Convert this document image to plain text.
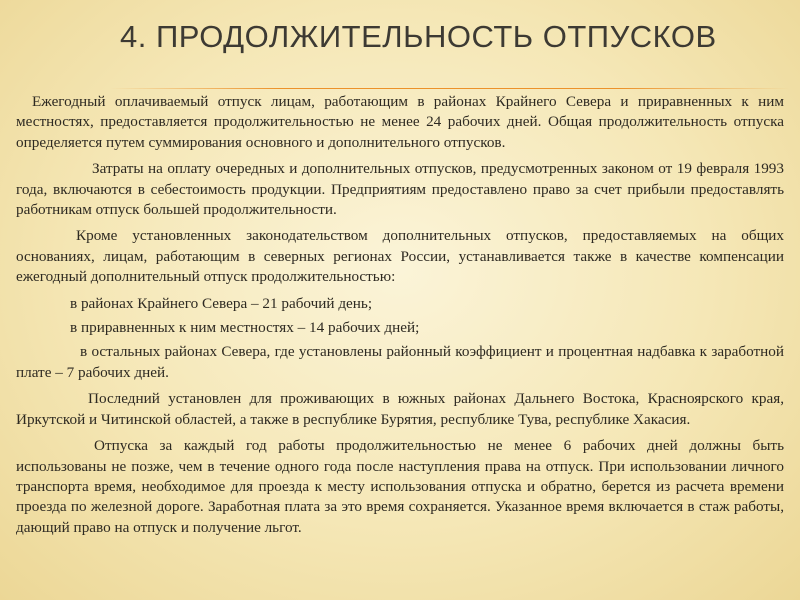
4. ПРОДОЛЖИТЕЛЬНОСТЬ ОТПУСКОВ

Ежегодный оплачиваемый отпуск лицам, работающим в районах Крайнего Севера и приравненных к ним местностях, предоставляется продолжительностью не менее 24 рабочих дней. Общая продолжительность отпуска определяется путем суммирования основного и дополнительного отпусков.

Затраты на оплату очередных и дополнительных отпусков, предусмотренных законом от 19 февраля 1993 года, включаются в себестоимость продукции. Предприятиям предоставлено право за счет прибыли предоставлять работникам отпуск большей продолжительности.

Кроме установленных законодательством дополнительных отпусков, предоставляемых на общих основаниях, лицам, работающим в северных регионах России, устанавливается также в качестве компенсации ежегодный дополнительный отпуск продолжительностью:

в районах Крайнего Севера – 21 рабочий день;

в приравненных к ним местностях – 14 рабочих дней;

в остальных районах Севера, где установлены районный коэффициент и процентная надбавка к заработной плате – 7 рабочих дней.

Последний установлен для проживающих в южных районах Дальнего Востока, Красноярского края, Иркутской и Читинской областей, а также в республике Бурятия, республике Тува, республике Хакасия.

Отпуска за каждый год работы продолжительностью не менее 6 рабочих дней должны быть использованы не позже, чем в течение одного года после наступления права на отпуск. При использовании личного транспорта время, необходимое для проезда к месту использования отпуска и обратно, берется из расчета времени проезда по железной дороге. Заработная плата за это время сохраняется. Указанное время включается в стаж работы, дающий право на отпуск и получение льгот.
